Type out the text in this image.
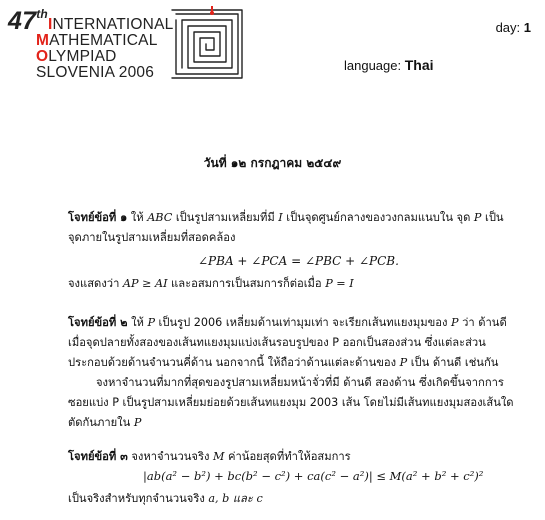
47thINTERNATIONAL
MATHEMATICAL
OLYMPIAD
SLOVENIA 2006
day: 1
language: Thai
วันที่ ๑๒ กรกฎาคม ๒๕๔๙
โจทย์ข้อที่ ๑ ให้ ABC เป็นรูปสามเหลี่ยมที่มี I เป็นจุดศูนย์กลางของวงกลมแนบใน จุด P เป็น
จุดภายในรูปสามเหลี่ยมที่สอดคล้อง
∠PBA + ∠PCA = ∠PBC + ∠PCB.
จงแสดงว่า AP ≥ AI และอสมการเป็นสมการก็ต่อเมื่อ P = I
โจทย์ข้อที่ ๒ ให้ P เป็นรูป 2006 เหลี่ยมด้านเท่ามุมเท่า จะเรียกเส้นทแยงมุมของ P ว่า ด้านดี
เมื่อจุดปลายทั้งสองของเส้นทแยงมุมแบ่งเส้นรอบรูปของ P ออกเป็นสองส่วน ซึ่งแต่ละส่วน
ประกอบด้วยด้านจำนวนคี่ด้าน นอกจากนี้ ให้ถือว่าด้านแต่ละด้านของ P เป็น ด้านดี เช่นกัน
จงหาจำนวนที่มากที่สุดของรูปสามเหลี่ยมหน้าจั่วที่มี ด้านดี สองด้าน ซึ่งเกิดขึ้นจากการ
ซอยแบ่ง P เป็นรูปสามเหลี่ยมย่อยด้วยเส้นทแยงมุม 2003 เส้น โดยไม่มีเส้นทแยงมุมสองเส้นใด
ตัดกันภายใน P
โจทย์ข้อที่ ๓ จงหาจำนวนจริง M ค่าน้อยสุดที่ทำให้อสมการ
|ab(a² − b²) + bc(b² − c²) + ca(c² − a²)| ≤ M(a² + b² + c²)²
เป็นจริงสำหรับทุกจำนวนจริง a, b และ c
